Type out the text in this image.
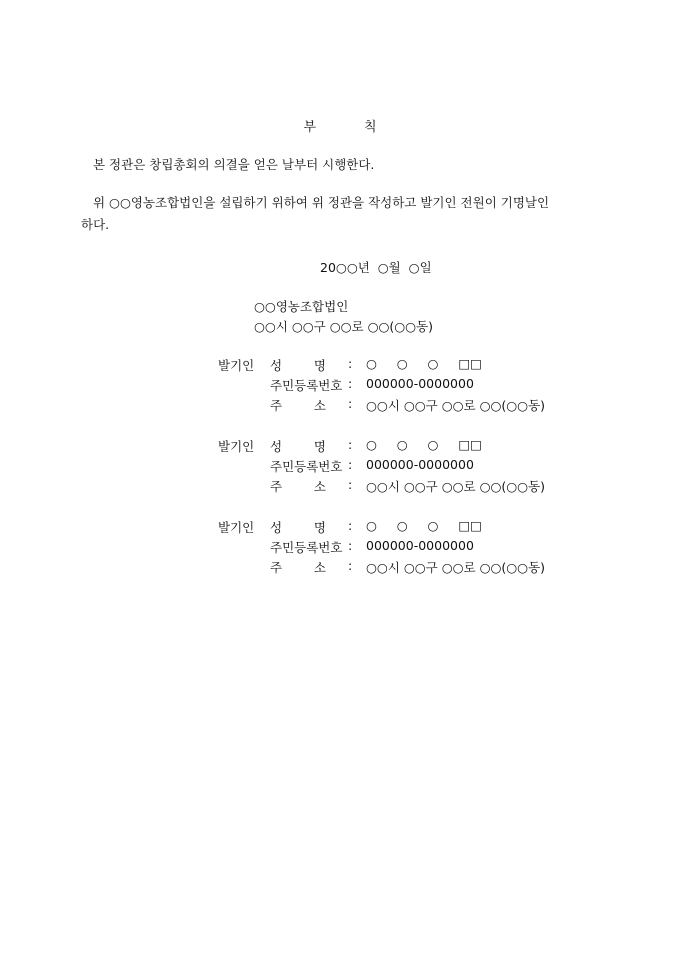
부	칙
본 정관은 창립총회의 의결을 얻은 날부터 시행한다.
위 ○○영농조합법인을 설립하기 위하여 위 정관을 작성하고 발기인 전원이 기명날인
하다.
20○○년  ○월  ○일
○○영농조합법인
○○시 ○○구 ○○로 ○○(○○동)
발기인 성        명 : ○     ○     ○     □□
주민등록번호 : 000000-0000000
주        소 : ○○시 ○○구 ○○로 ○○(○○동)
발기인 성        명 : ○     ○     ○     □□
주민등록번호 : 000000-0000000
주        소 : ○○시 ○○구 ○○로 ○○(○○동)
발기인 성        명 : ○     ○     ○     □□
주민등록번호 : 000000-0000000
주        소 : ○○시 ○○구 ○○로 ○○(○○동)
